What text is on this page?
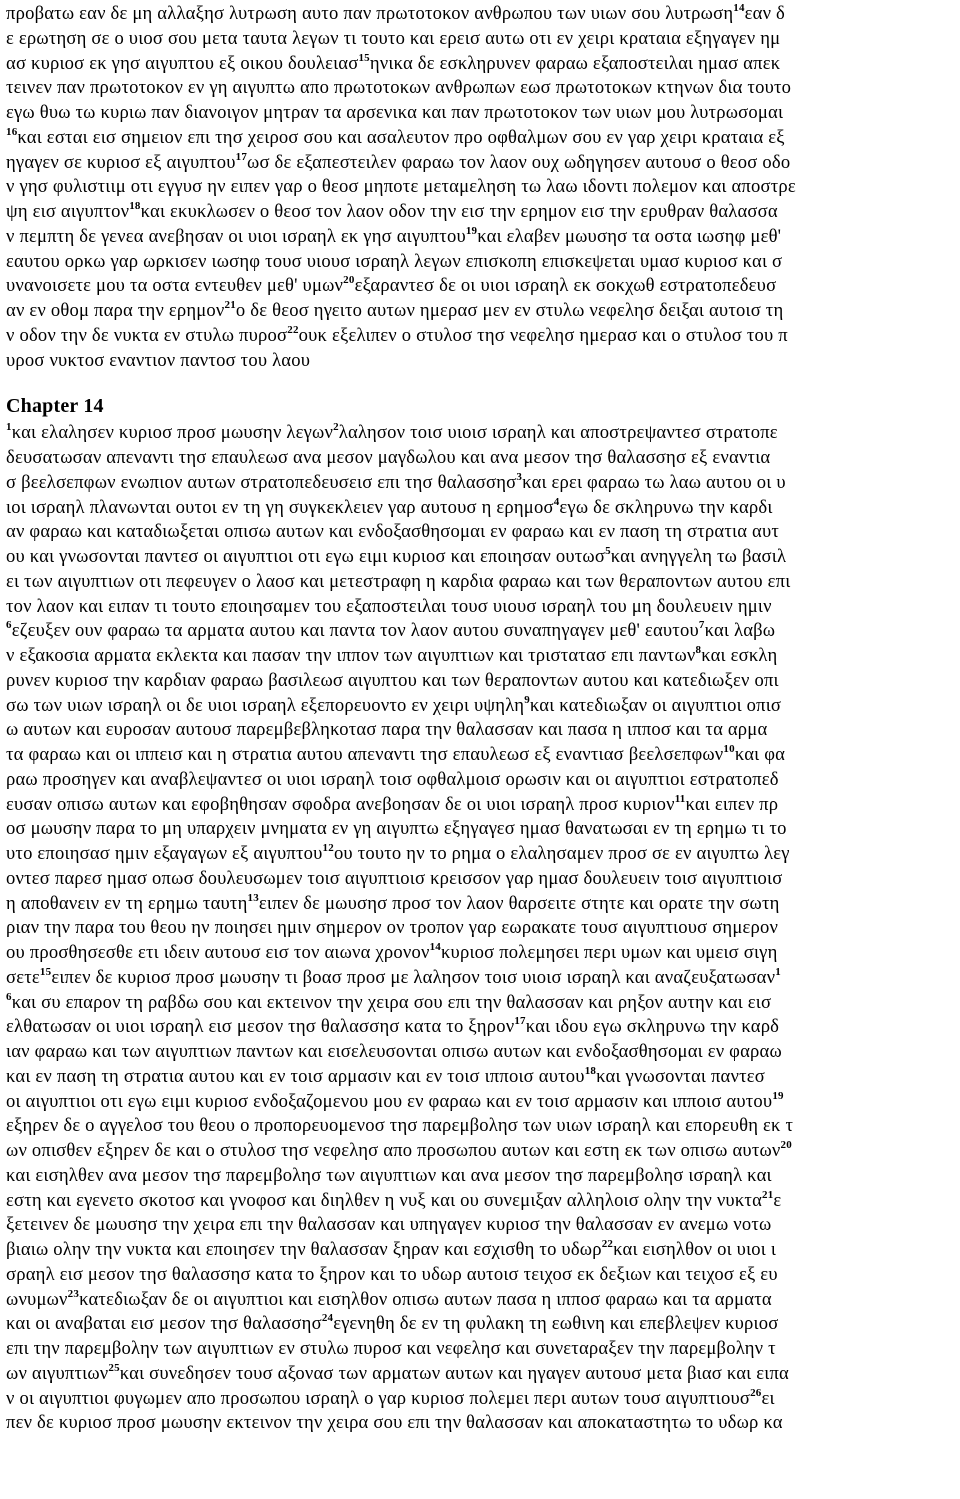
προβατω εαν δε μη αλλαξησ λυτρωση αυτο παν πρωτοτοκον ανθρωπου των υιων σου λυτρωση$^{14}$εαν δ
ε ερωτηση σε ο υιοσ σου μετα ταυτα λεγων τι τουτο και ερεισ αυτω οτι εν χειρι κραταια εξηγαγεν ημ
ασ κυριοσ εκ γησ αιγυπτου εξ οικου δουλειασ$^{15}$ηνικα δε εσκληρυνεν φαραω εξαποστειλαι ημασ απεκ
τεινεν παν πρωτοτοκον εν γη αιγυπτω απο πρωτοτοκων ανθρωπων εωσ πρωτοτοκων κτηνων δια τουτο
εγω θυω τω κυριω παν διανοιγον μητραν τα αρσενικα και παν πρωτοτοκον των υιων μου λυτρωσομαι
$^{16}$και εσται εισ σημειον επι τησ χειροσ σου και ασαλευτον προ οφθαλμων σου εν γαρ χειρι κραταια εξ
ηγαγεν σε κυριοσ εξ αιγυπτου$^{17}$ωσ δε εξαπεστειλεν φαραω τον λαον ουχ ωδηγησεν αυτουσ ο θεοσ οδο
ν γησ φυλιστιιμ οτι εγγυσ ην ειπεν γαρ ο θεοσ μηποτε μεταμεληση τω λαω ιδοντι πολεμον και αποστρε
ψη εισ αιγυπτον$^{18}$και εκυκλωσεν ο θεοσ τον λαον οδον την εισ την ερημον εισ την ερυθραν θαλασσα
ν πεμπτη δε γενεα ανεβησαν οι υιοι ισραηλ εκ γησ αιγυπτου$^{19}$και ελαβεν μωυσησ τα οστα ιωσηφ μεθ'
εαυτου ορκω γαρ ωρκισεν ιωσηφ τουσ υιουσ ισραηλ λεγων επισκοπη επισκεψεται υμασ κυριοσ και σ
υνανοισετε μου τα οστα εντευθεν μεθ' υμων$^{20}$εξαραντεσ δε οι υιοι ισραηλ εκ σοκχωθ εστρατοπεδευσ
αν εν οθομ παρα την ερημον$^{21}$ο δε θεοσ ηγειτο αυτων ημερασ μεν εν στυλω νεφελησ δειξαι αυτοισ τη
ν οδον την δε νυκτα εν στυλω πυροσ$^{22}$ουκ εξελιπεν ο στυλοσ τησ νεφελησ ημερασ και ο στυλοσ του π
υροσ νυκτοσ εναντιον παντοσ του λαου
Chapter 14
$^1$και ελαλησεν κυριοσ προσ μωυσην λεγων$^2$λαλησον τοισ υιοισ ισραηλ και αποστρεψαντεσ στρατοπε
δευσατωσαν απεναντι τησ επαυλεωσ ανα μεσον μαγδωλου και ανα μεσον τησ θαλασσησ εξ εναντια
σ βεελσεπφων ενωπιον αυτων στρατοπεδευσεισ επι τησ θαλασσησ$^3$και ερει φαραω τω λαω αυτου οι υ
ιοι ισραηλ πλανωνται ουτοι εν τη γη συγκεκλειεν γαρ αυτουσ η ερημοσ$^4$εγω δε σκληρυνω την καρδι
αν φαραω και καταδιωξεται οπισω αυτων και ενδοξασθησομαι εν φαραω και εν παση τη στρατια αυτ
ου και γνωσονται παντεσ οι αιγυπτιοι οτι εγω ειμι κυριοσ και εποιησαν ουτωσ$^5$και ανηγγελη τω βασιλ
ει των αιγυπτιων οτι πεφευγεν ο λαοσ και μετεστραφη η καρδια φαραω και των θεραποντων αυτου επι
τον λαον και ειπαν τι τουτο εποιησαμεν του εξαποστειλαι τουσ υιουσ ισραηλ του μη δουλευειν ημιν
$^6$εζευξεν ουν φαραω τα αρματα αυτου και παντα τον λαον αυτου συναπηγαγεν μεθ' εαυτου$^7$και λαβω
ν εξακοσια αρματα εκλεκτα και πασαν την ιππον των αιγυπτιων και τριστατασ επι παντων$^8$και εσκλη
ρυνεν κυριοσ την καρδιαν φαραω βασιλεωσ αιγυπτου και των θεραποντων αυτου και κατεδιωξεν οπι
σω των υιων ισραηλ οι δε υιοι ισραηλ εξεπορευοντο εν χειρι υψηλη$^9$και κατεδιωξαν οι αιγυπτιοι οπισ
ω αυτων και ευροσαν αυτουσ παρεμβεβληκοτασ παρα την θαλασσαν και πασα η ιπποσ και τα αρμα
τα φαραω και οι ιππεισ και η στρατια αυτου απεναντι τησ επαυλεωσ εξ εναντιασ βεελσεπφων$^{10}$και φα
ραω προσηγεν και αναβλεψαντεσ οι υιοι ισραηλ τοισ οφθαλμοισ ορωσιν και οι αιγυπτιοι εστρατοπεδ
ευσαν οπισω αυτων και εφοβηθησαν σφοδρα ανεβοησαν δε οι υιοι ισραηλ προσ κυριον$^{11}$και ειπεν πρ
οσ μωυσην παρα το μη υπαρχειν μνηματα εν γη αιγυπτω εξηγαγεσ ημασ θανατωσαι εν τη ερημω τι το
υτο εποιησασ ημιν εξαγαγων εξ αιγυπτου$^{12}$ου τουτο ην το ρημα ο ελαλησαμεν προσ σε εν αιγυπτω λεγ
οντεσ παρεσ ημασ οπωσ δουλευσωμεν τοισ αιγυπτιοισ κρεισσον γαρ ημασ δουλευειν τοισ αιγυπτιοισ
η αποθανειν εν τη ερημω ταυτη$^{13}$ειπεν δε μωυσησ προσ τον λαον θαρσειτε στητε και ορατε την σωτη
ριαν την παρα του θεου ην ποιησει ημιν σημερον ον τροπον γαρ εωρακατε τουσ αιγυπτιουσ σημερον
ου προσθησεσθε ετι ιδειν αυτουσ εισ τον αιωνα χρονον$^{14}$κυριοσ πολεμησει περι υμων και υμεισ σιγη
σετε$^{15}$ειπεν δε κυριοσ προσ μωυσην τι βοασ προσ με λαλησον τοισ υιοισ ισραηλ και αναζευξατωσαν$^1$
$^6$και συ επαρον τη ραβδω σου και εκτεινον την χειρα σου επι την θαλασσαν και ρηξον αυτην και εισ
ελθατωσαν οι υιοι ισραηλ εισ μεσον τησ θαλασσησ κατα το ξηρον$^{17}$και ιδου εγω σκληρυνω την καρδ
ιαν φαραω και των αιγυπτιων παντων και εισελευσονται οπισω αυτων και ενδοξασθησομαι εν φαραω
και εν παση τη στρατια αυτου και εν τοισ αρμασιν και εν τοισ ιπποισ αυτου$^{18}$και γνωσονται παντεσ
οι αιγυπτιοι οτι εγω ειμι κυριοσ ενδοξαζομενου μου εν φαραω και εν τοισ αρμασιν και ιπποισ αυτου$^{19}$
εξηρεν δε ο αγγελοσ του θεου ο προπορευομενοσ τησ παρεμβολησ των υιων ισραηλ και επορευθη εκ τ
ων οπισθεν εξηρεν δε και ο στυλοσ τησ νεφελησ απο προσωπου αυτων και εστη εκ των οπισω αυτων$^{20}$
και εισηλθεν ανα μεσον τησ παρεμβολησ των αιγυπτιων και ανα μεσον τησ παρεμβολησ ισραηλ και
εστη και εγενετο σκοτοσ και γνοφοσ και διηλθεν η νυξ και ου συνεμιξαν αλληλοισ ολην την νυκτα$^{21}$ε
ξετεινεν δε μωυσησ την χειρα επι την θαλασσαν και υπηγαγεν κυριοσ την θαλασσαν εν ανεμω νοτω
βιαιω ολην την νυκτα και εποιησεν την θαλασσαν ξηραν και εσχισθη το υδωρ$^{22}$και εισηλθον οι υιοι ι
σραηλ εισ μεσον τησ θαλασσησ κατα το ξηρον και το υδωρ αυτοισ τειχοσ εκ δεξιων και τειχοσ εξ ευ
ωνυμων$^{23}$κατεδιωξαν δε οι αιγυπτιοι και εισηλθον οπισω αυτων πασα η ιπποσ φαραω και τα αρματα
και οι αναβαται εισ μεσον τησ θαλασσησ$^{24}$εγενηθη δε εν τη φυλακη τη εωθινη και επεβλεψεν κυριοσ
επι την παρεμβολην των αιγυπτιων εν στυλω πυροσ και νεφελησ και συνεταραξεν την παρεμβολην τ
ων αιγυπτιων$^{25}$και συνεδησεν τουσ αξονασ των αρματων αυτων και ηγαγεν αυτουσ μετα βιασ και ειπα
ν οι αιγυπτιοι φυγωμεν απο προσωπου ισραηλ ο γαρ κυριοσ πολεμει περι αυτων τουσ αιγυπτιουσ$^{26}$ει
πεν δε κυριοσ προσ μωυσην εκτεινον την χειρα σου επι την θαλασσαν και αποκαταστητω το υδωρ κα
